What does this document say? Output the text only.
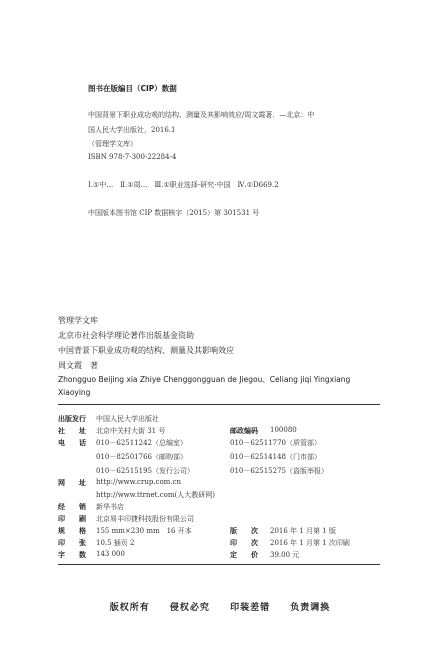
图书在版编目（CIP）数据
中国背景下职业成功观的结构、测量及其影响效应/周文霞著．—北京：中
国人民大学出版社，2016.1
（管理学文库）
ISBN 978-7-300-22284-4
Ⅰ.①中…　Ⅱ.①周…　Ⅲ.①职业选择-研究-中国　Ⅳ.①D669.2
中国版本图书馆 CIP 数据核字（2015）第 301531 号
管理学文库
北京市社会科学理论著作出版基金资助
中国背景下职业成功观的结构、测量及其影响效应
周文霞　著
Zhongguo Beijing xia Zhiye Chenggongguan de Jiegou、Celiang jiqi Yingxiang
Xiaoying
出版发行 中国人民大学出版社
社　　址 北京中关村大街 31 号	邮政编码 100080
电　　话 010－62511242（总编室）	010－62511770（质管部）
010－82501766（邮购部）	010－62514148（门市部）
010－62515195（发行公司）	010－62515275（盗版举报）
网　　址 http://www.crup.com.cn
http://www.ttrnet.com(人大教研网)
经　　销 新华书店
印　　刷 北京易丰印捷科技股份有限公司
规　　格 155 mm×230 mm　16 开本	版　　次 2016 年 1 月第 1 版
印　　张 10.5 插页 2	印　　次 2016 年 1 月第 1 次印刷
字　　数 143 000	定　　价 39.00 元
版权所有 侵权必究 印装差错 负责调换
